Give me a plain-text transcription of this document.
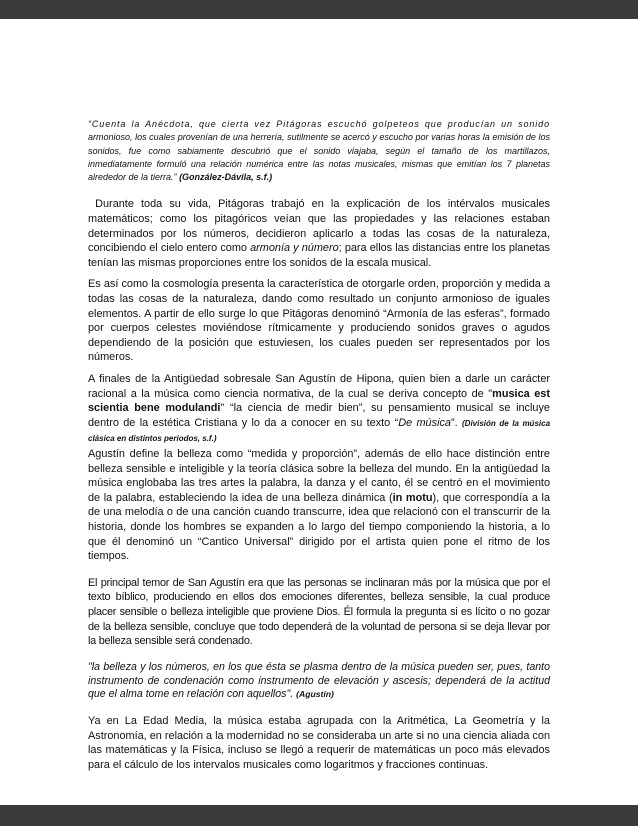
“Cuenta la Anécdota, que cierta vez Pitágoras escuchó golpeteos que producían un sonido armonioso, los cuales provenían de una herrería, sutilmente se acercó y escucho por varias horas la emisión de los sonidos, fue como sabiamente descubrió que el sonido viajaba, según el tamaño de los martillazos, inmediatamente formuló una relación numérica entre las notas musicales, mismas que emitían los 7 planetas alrededor de la tierra.” (González-Dávila, s.f.)

Durante toda su vida, Pitágoras trabajó en la explicación de los intérvalos musicales matemáticos; como los pitagóricos veían que las propiedades y las relaciones estaban determinados por los números, decidieron aplicarlo a todas las cosas de la naturaleza, concibiendo el cielo entero como armonía y número; para ellos las distancias entre los planetas tenían las mismas proporciones entre los sonidos de la escala musical.

Es así como la cosmología presenta la característica de otorgarle orden, proporción y medida a todas las cosas de la naturaleza, dando como resultado un conjunto armonioso de iguales elementos. A partir de ello surge lo que Pitágoras denominó “Armonía de las esferas”, formado por cuerpos celestes moviéndose rítmicamente y produciendo sonidos graves o agudos dependiendo de la posición que estuviesen, los cuales pueden ser representados por los números.

A finales de la Antigüedad sobresale San Agustín de Hipona, quien bien a darle un carácter racional a la música como ciencia normativa, de la cual se deriva concepto de "musica est scientia bene modulandi" “la ciencia de medir bien”, su pensamiento musical se incluye dentro de la estética Cristiana y lo da a conocer en su texto “De música”. (División de la música clásica en distintos periodos, s.f.)

Agustín define la belleza como “medida y proporción”, además de ello hace distinción entre belleza sensible e inteligible y la teoría clásica sobre la belleza del mundo. En la antigüedad la música englobaba las tres artes la palabra, la danza y el canto, él se centró en el movimiento de la palabra, estableciendo la idea de una belleza dinámica (in motu), que correspondía a la de una melodía o de una canción cuando transcurre, idea que relacionó con el transcurrir de la historia, donde los hombres se expanden a lo largo del tiempo componiendo la historia, a lo que él denominó un “Cantico Universal” dirigido por el artista quien pone el ritmo de los tiempos.

El principal temor de San Agustín era que las personas se inclinaran más por la música que por el texto bíblico, produciendo en ellos dos emociones diferentes, belleza sensible, la cual produce placer sensible o belleza inteligible que proviene Dios. Él formula la pregunta si es lícito o no gozar de la belleza sensible, concluye que todo dependerá de la voluntad de persona si se deja llevar por la belleza sensible será condenado.

"la belleza y los números, en los que ésta se plasma dentro de la música pueden ser, pues, tanto instrumento de condenación como instrumento de elevación y ascesis; dependerá de la actitud que el alma tome en relación con aquellos". (Agustín)

Ya en La Edad Media, la música estaba agrupada con la Aritmética, La Geometría y la Astronomía, en relación a la modernidad no se consideraba un arte si no una ciencia aliada con las matemáticas y la Física, incluso se llegó a requerir de matemáticas un poco más elevados para el cálculo de los intervalos musicales como logaritmos y fracciones continuas.
